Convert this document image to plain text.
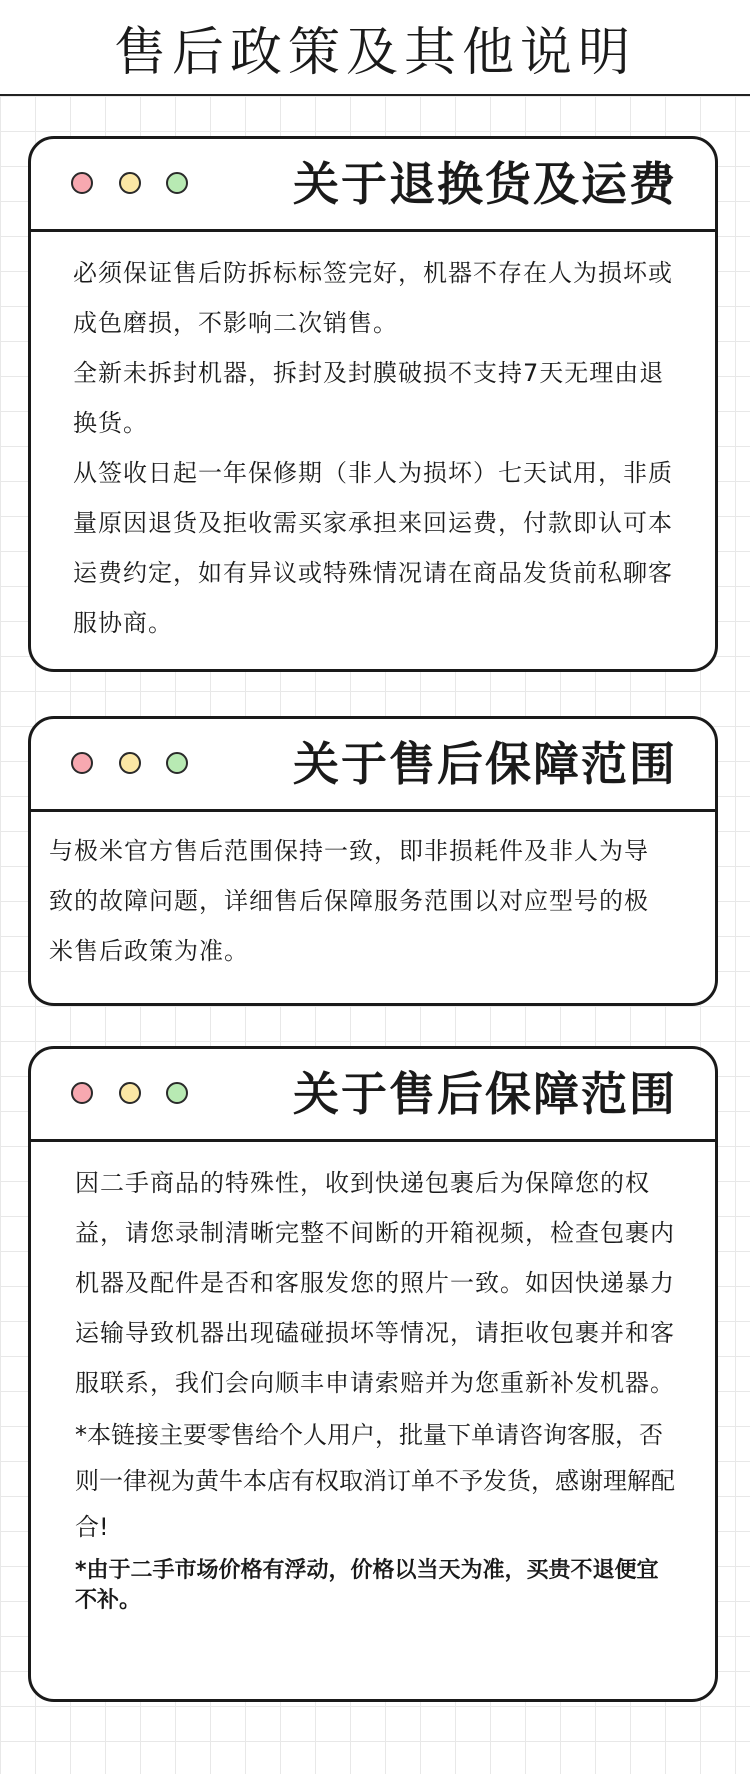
售后政策及其他说明
关于退换货及运费

必须保证售后防拆标标签完好，机器不存在人为损坏或成色磨损，不影响二次销售。

全新未拆封机器，拆封及封膜破损不支持7天无理由退换货。

从签收日起一年保修期（非人为损坏）七天试用，非质量原因退货及拒收需买家承担来回运费，付款即认可本运费约定，如有异议或特殊情况请在商品发货前私聊客服协商。

关于售后保障范围

与极米官方售后范围保持一致，即非损耗件及非人为导致的故障问题，详细售后保障服务范围以对应型号的极米售后政策为准。

关于售后保障范围

因二手商品的特殊性，收到快递包裹后为保障您的权益，请您录制清晰完整不间断的开箱视频，检查包裹内机器及配件是否和客服发您的照片一致。如因快递暴力运输导致机器出现磕碰损坏等情况，请拒收包裹并和客服联系，我们会向顺丰申请索赔并为您重新补发机器。

*本链接主要零售给个人用户，批量下单请咨询客服，否则一律视为黄牛本店有权取消订单不予发货，感谢理解配合!

*由于二手市场价格有浮动，价格以当天为准，买贵不退便宜不补。
